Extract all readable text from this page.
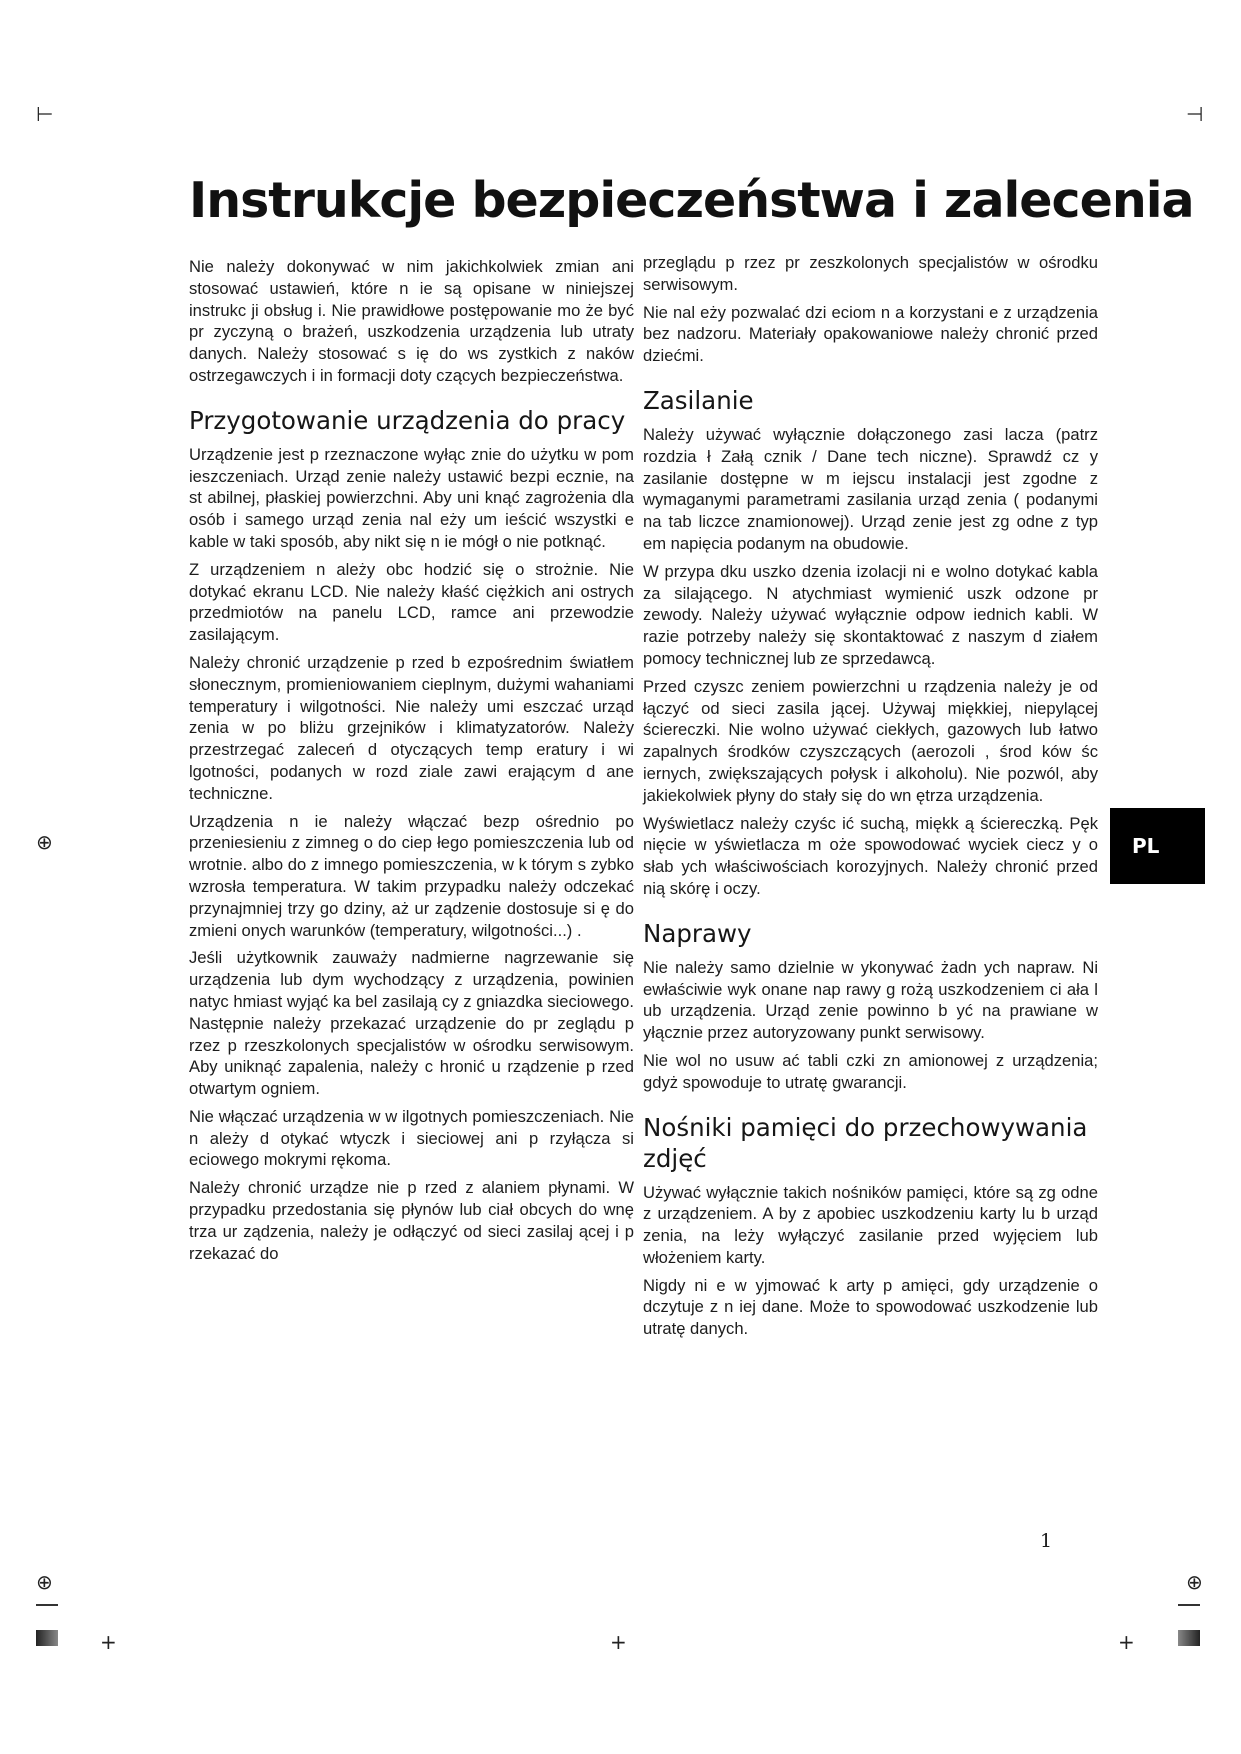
⊢	⊣
⊕
⊕	⊕
+	+	+
Instrukcje bezpieczeństwa i zalecenia

Nie należy dokonywać w nim jakichkolwiek zmian ani stosować ustawień, które n ie są opisane w niniejszej instrukc ji obsług i. Nie prawidłowe postępowanie mo że być pr zyczyną o brażeń, uszkodzenia urządzenia lub utraty danych. Należy stosować s ię do ws zystkich z naków ostrzegawczych i in formacji doty czących bezpieczeństwa.

Przygotowanie urządzenia do pracy

Urządzenie jest p rzeznaczone wyłąc znie do użytku w pom ieszczeniach. Urząd zenie należy ustawić bezpi ecznie, na st abilnej, płaskiej powierzchni. Aby uni knąć zagrożenia dla osób i samego urząd zenia nal eży um ieścić wszystki e kable w taki sposób, aby nikt się n ie mógł o nie potknąć.

Z urządzeniem n ależy obc hodzić się o strożnie. Nie dotykać ekranu LCD. Nie należy kłaść ciężkich ani ostrych przedmiotów na panelu LCD, ramce ani przewodzie zasilającym.

Należy chronić urządzenie p rzed b ezpośrednim światłem słonecznym, promieniowaniem cieplnym, dużymi wahaniami temperatury i wilgotności. Nie należy umi eszczać urząd zenia w po bliżu grzejników i klimatyzatorów. Należy przestrzegać zaleceń d otyczących temp eratury i wi lgotności, podanych w rozd ziale zawi erającym d ane techniczne.

Urządzenia n ie należy włączać bezp ośrednio po przeniesieniu z zimneg o do ciep łego pomieszczenia lub od wrotnie. albo do z imnego pomieszczenia, w k tórym s zybko wzrosła temperatura. W takim przypadku należy odczekać przynajmniej trzy go dziny, aż ur ządzenie dostosuje si ę do zmieni onych warunków (temperatury, wilgotności...) .

Jeśli użytkownik zauważy nadmierne nagrzewanie się urządzenia lub dym wychodzący z urządzenia, powinien natyc hmiast wyjąć ka bel zasilają cy z gniazdka sieciowego. Następnie należy przekazać urządzenie do pr zeglądu p rzez p rzeszkolonych specjalistów w ośrodku serwisowym. Aby uniknąć zapalenia, należy c hronić u rządzenie p rzed otwartym ogniem.

Nie włączać urządzenia w w ilgotnych pomieszczeniach. Nie n ależy d otykać wtyczk i sieciowej ani p rzyłącza si eciowego mokrymi rękoma.

Należy chronić urządze nie p rzed z alaniem płynami. W przypadku przedostania się płynów lub ciał obcych do wnę trza ur ządzenia, należy je odłączyć od sieci zasilaj ącej i p rzekazać do

przeglądu p rzez pr zeszkolonych specjalistów w ośrodku serwisowym.

Nie nal eży pozwalać dzi eciom n a korzystani e z urządzenia bez nadzoru. Materiały opakowaniowe należy chronić przed dziećmi.

Zasilanie

Należy używać wyłącznie dołączonego zasi lacza (patrz rozdzia ł Załą cznik / Dane tech niczne). Sprawdź cz y zasilanie dostępne w m iejscu instalacji jest zgodne z wymaganymi parametrami zasilania urząd zenia ( podanymi na tab liczce znamionowej). Urząd zenie jest zg odne z typ em napięcia podanym na obudowie.

W przypa dku uszko dzenia izolacji ni e wolno dotykać kabla za silającego. N atychmiast wymienić uszk odzone pr zewody. Należy używać wyłącznie odpow iednich kabli. W razie potrzeby należy się skontaktować z naszym d ziałem pomocy technicznej lub ze sprzedawcą.

Przed czyszc zeniem powierzchni u rządzenia należy je od łączyć od sieci zasila jącej. Używaj miękkiej, niepylącej ściereczki. Nie wolno używać ciekłych, gazowych lub łatwo zapalnych środków czyszczących (aerozoli , środ ków śc iernych, zwiększających połysk i alkoholu). Nie pozwól, aby jakiekolwiek płyny do stały się do wn ętrza urządzenia.

Wyświetlacz należy czyśc ić suchą, miękk ą ściereczką. Pęk nięcie w yświetlacza m oże spowodować wyciek ciecz y o słab ych właściwościach korozyjnych. Należy chronić przed nią skórę i oczy.

Naprawy

Nie należy samo dzielnie w ykonywać żadn ych napraw. Ni ewłaściwie wyk onane nap rawy g rożą uszkodzeniem ci ała l ub urządzenia. Urząd zenie powinno b yć na prawiane w yłącznie przez autoryzowany punkt serwisowy.

Nie wol no usuw ać tabli czki zn amionowej z urządzenia; gdyż spowoduje to utratę gwarancji.

Nośniki pamięci do przechowywania zdjęć

Używać wyłącznie takich nośników pamięci, które są zg odne z urządzeniem. A by z apobiec uszkodzeniu karty lu b urząd zenia, na leży wyłączyć zasilanie przed wyjęciem lub włożeniem karty.

Nigdy ni e w yjmować k arty p amięci, gdy urządzenie o dczytuje z n iej dane. Może to spowodować uszkodzenie lub utratę danych.

PL
1
